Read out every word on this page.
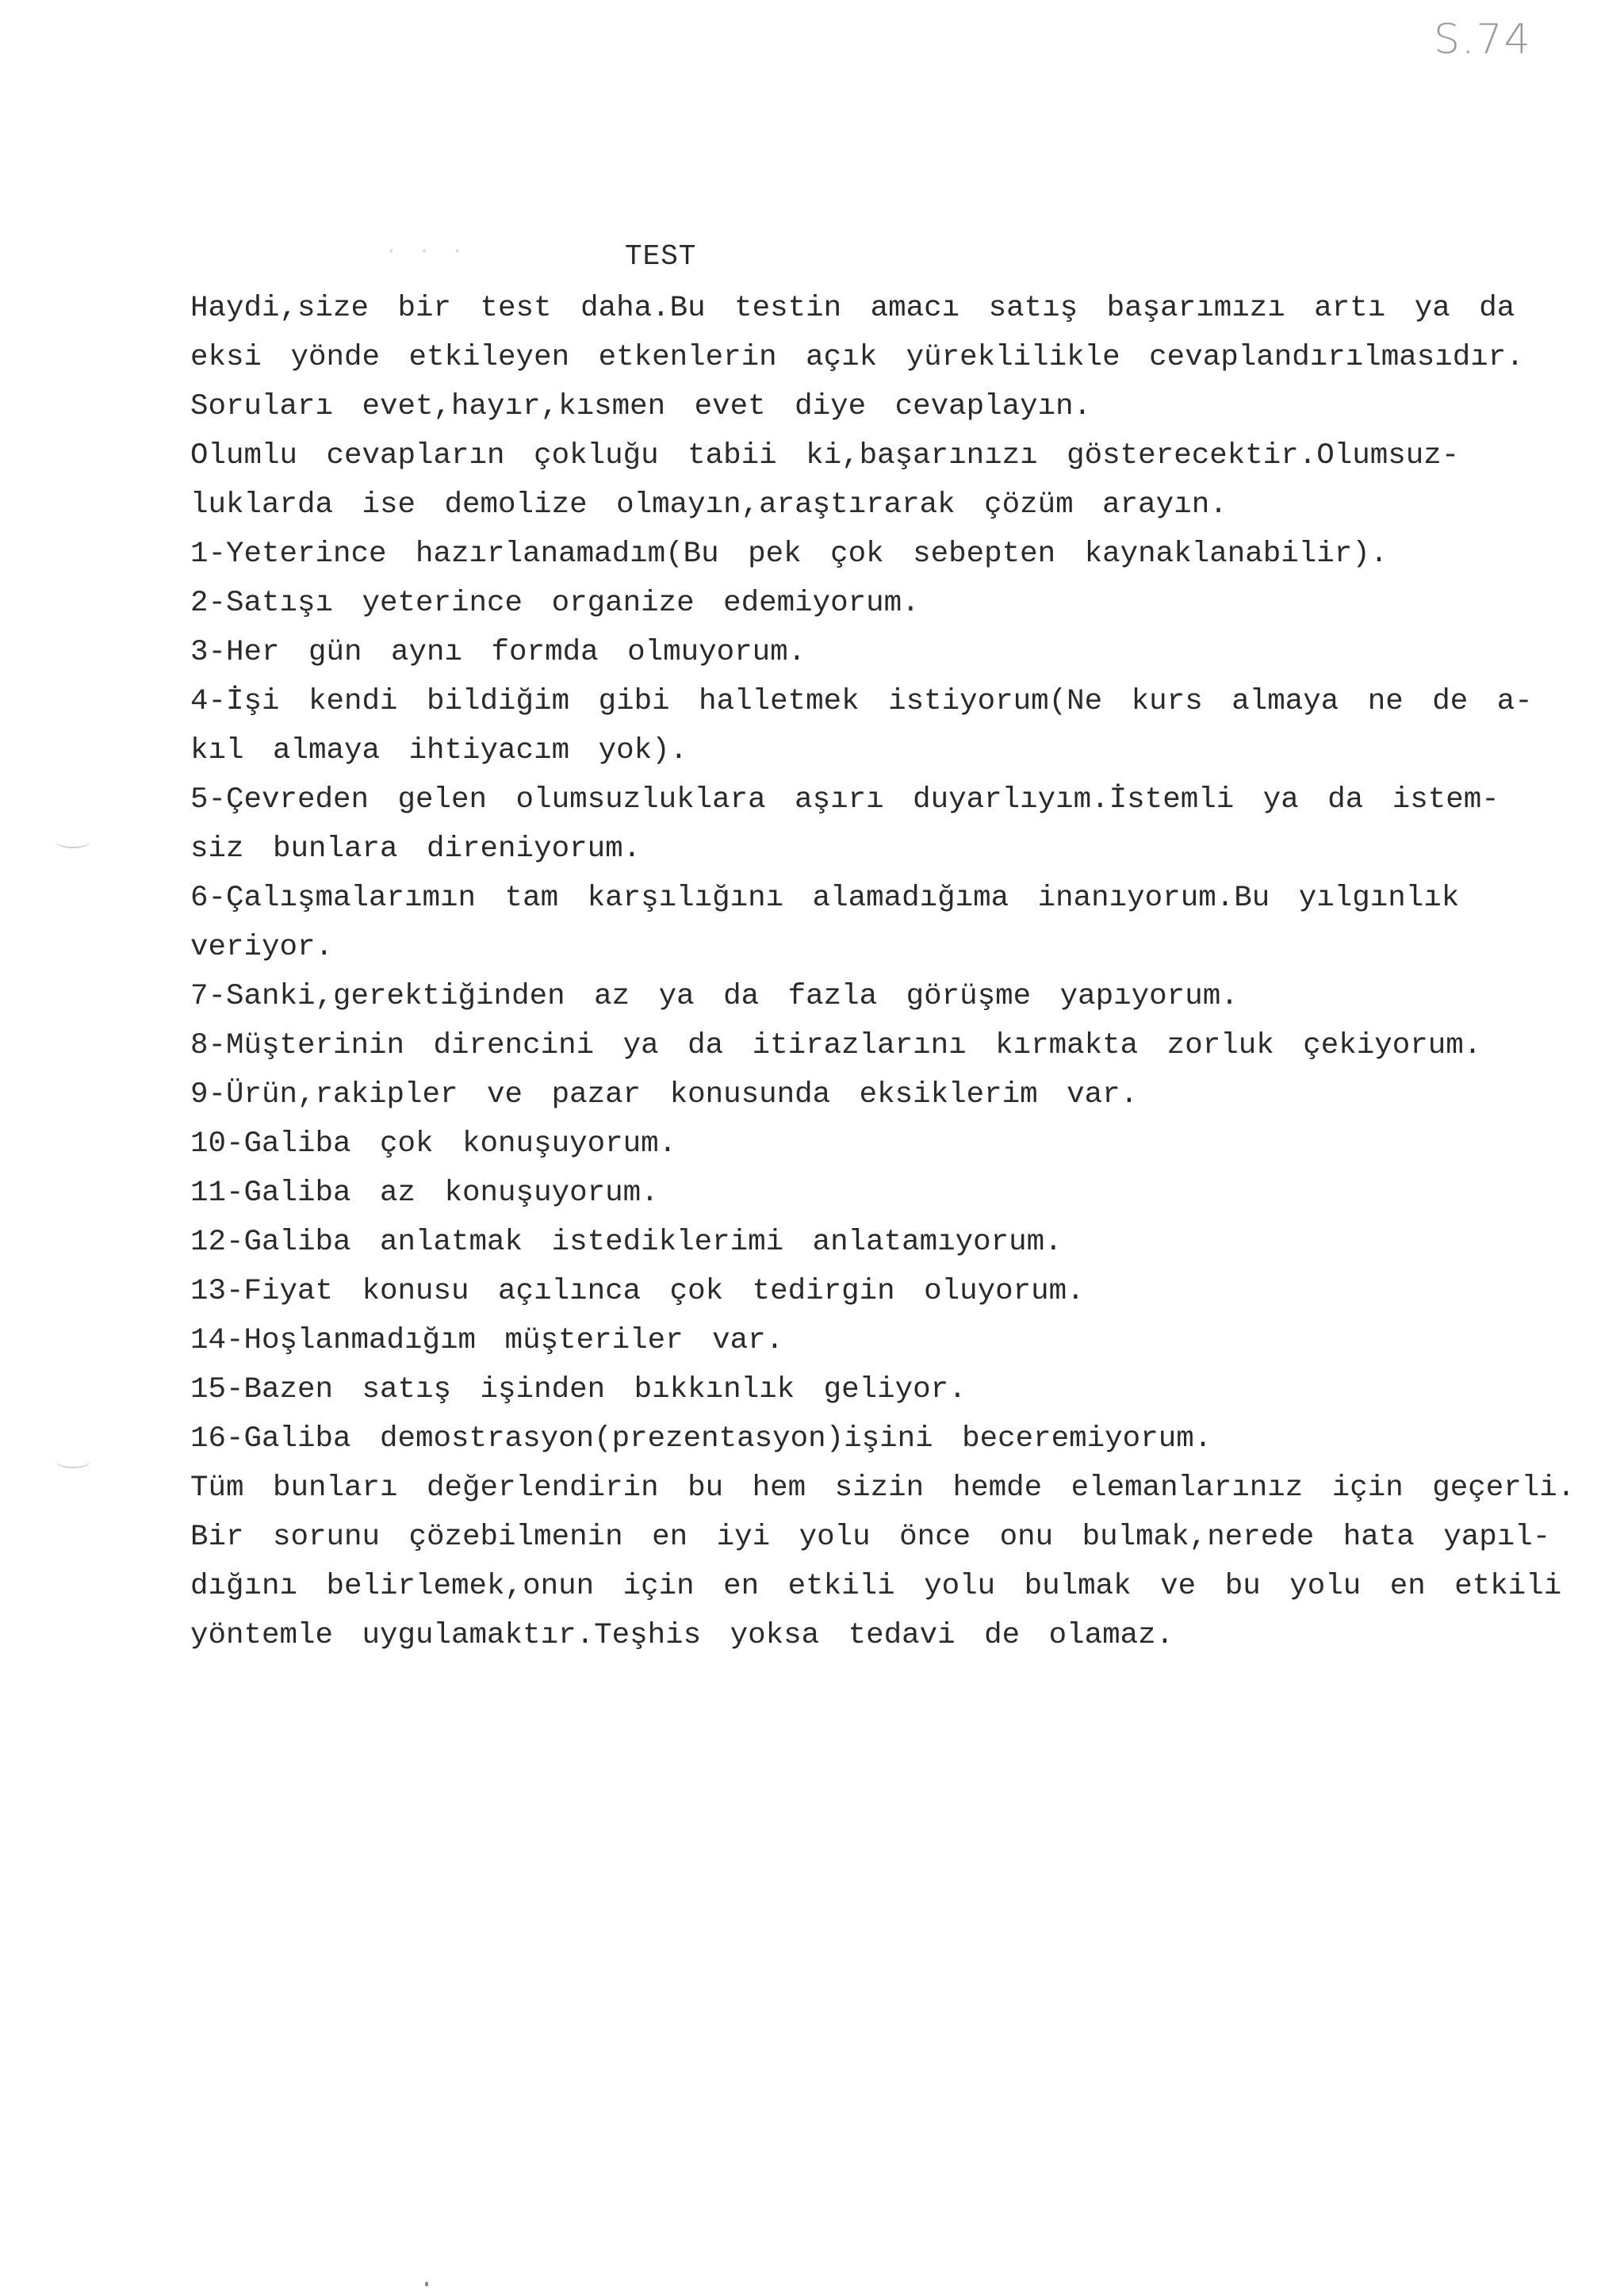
S.74
· · ·	TEST
Haydi,size bir test daha.Bu testin amacı satış başarımızı artı ya da
eksi yönde etkileyen etkenlerin açık yüreklilikle cevaplandırılmasıdır.
Soruları evet,hayır,kısmen evet diye cevaplayın.
Olumlu cevapların çokluğu tabii ki,başarınızı gösterecektir.Olumsuz-
luklarda ise demolize olmayın,araştırarak çözüm arayın.
1-Yeterince hazırlanamadım(Bu pek çok sebepten kaynaklanabilir).
2-Satışı yeterince organize edemiyorum.
3-Her gün aynı formda olmuyorum.
4-İşi kendi bildiğim gibi halletmek istiyorum(Ne kurs almaya ne de a-
kıl almaya ihtiyacım yok).
5-Çevreden gelen olumsuzluklara aşırı duyarlıyım.İstemli ya da istem-
siz bunlara direniyorum.
6-Çalışmalarımın tam karşılığını alamadığıma inanıyorum.Bu yılgınlık
veriyor.
7-Sanki,gerektiğinden az ya da fazla görüşme yapıyorum.
8-Müşterinin direncini ya da itirazlarını kırmakta zorluk çekiyorum.
9-Ürün,rakipler ve pazar konusunda eksiklerim var.
10-Galiba çok konuşuyorum.
11-Galiba az konuşuyorum.
12-Galiba anlatmak istediklerimi anlatamıyorum.
13-Fiyat konusu açılınca çok tedirgin oluyorum.
14-Hoşlanmadığım müşteriler var.
15-Bazen satış işinden bıkkınlık geliyor.
16-Galiba demostrasyon(prezentasyon)işini beceremiyorum.
Tüm bunları değerlendirin bu hem sizin hemde elemanlarınız için geçerli.
Bir sorunu çözebilmenin en iyi yolu önce onu bulmak,nerede hata yapıl-
dığını belirlemek,onun için en etkili yolu bulmak ve bu yolu en etkili
yöntemle uygulamaktır.Teşhis yoksa tedavi de olamaz.
